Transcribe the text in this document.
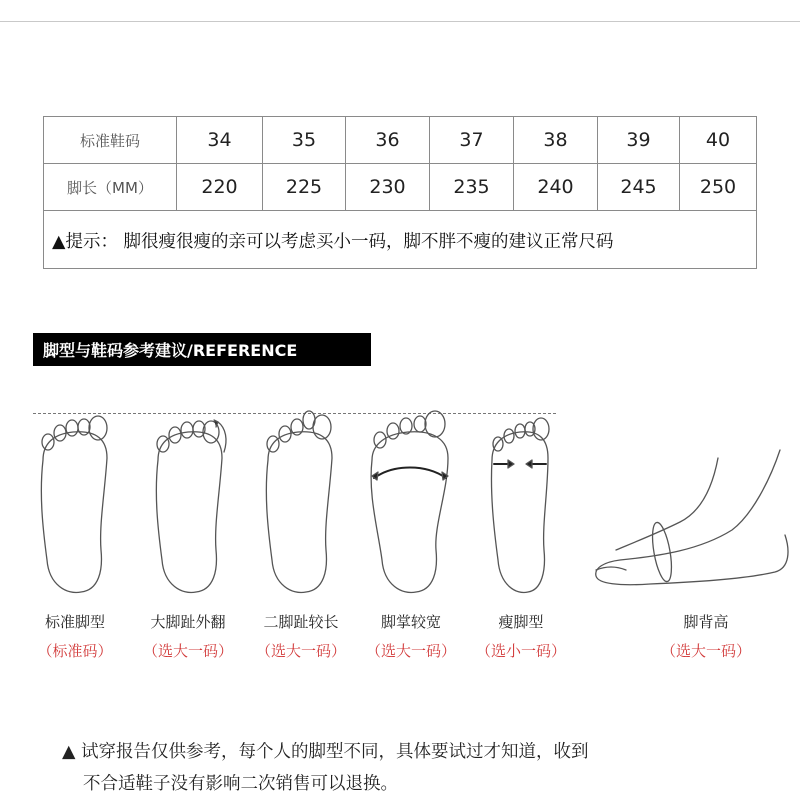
标准鞋码	34	35	36	37	38	39	40
脚长（MM）	220	225	230	235	240	245	250
▲提示： 脚很瘦很瘦的亲可以考虑买小一码，脚不胖不瘦的建议正常尺码
脚型与鞋码参考建议/REFERENCE
标准脚型
（标准码）
大脚趾外翻
（选大一码）
二脚趾较长
（选大一码）
脚掌较宽
（选大一码）
瘦脚型
（选小一码）
脚背高
（选大一码）
▲ 试穿报告仅供参考，每个人的脚型不同，具体要试过才知道，收到
不合适鞋子没有影响二次销售可以退换。
